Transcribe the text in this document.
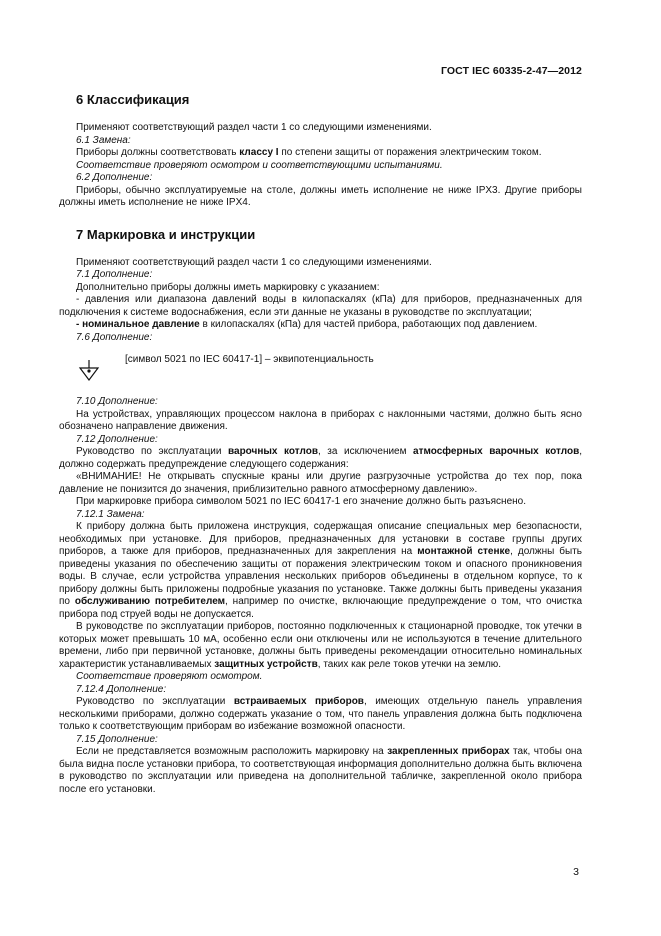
ГОСТ IEC 60335-2-47—2012
6 Классификация

Применяют соответствующий раздел части 1 со следующими изменениями.

6.1 Замена:

Приборы должны соответствовать классу I по степени защиты от поражения электрическим током.

Соответствие проверяют осмотром и соответствующими испытаниями.

6.2 Дополнение:

Приборы, обычно эксплуатируемые на столе, должны иметь исполнение не ниже IPX3. Другие приборы должны иметь исполнение не ниже IPX4.

7 Маркировка и инструкции

Применяют соответствующий раздел части 1 со следующими изменениями.

7.1 Дополнение:

Дополнительно приборы должны иметь маркировку с указанием:

- давления или диапазона давлений воды в килопаскалях (кПа) для приборов, предназначенных для подключения к системе водоснабжения, если эти данные не указаны в руководстве по эксплуатации;

- номинальное давление в килопаскалях (кПа) для частей прибора, работающих под давлением.

7.6 Дополнение:

[символ 5021 по IEC 60417-1] – эквипотенциальность

7.10 Дополнение:

На устройствах, управляющих процессом наклона в приборах с наклонными частями, должно быть ясно обозначено направление движения.

7.12 Дополнение:

Руководство по эксплуатации варочных котлов, за исключением атмосферных варочных котлов, должно содержать предупреждение следующего содержания:

«ВНИМАНИЕ! Не открывать спускные краны или другие разгрузочные устройства до тех пор, пока давление не понизится до значения, приблизительно равного атмосферному давлению».

При маркировке прибора символом 5021 по IEC 60417-1 его значение должно быть разъяснено.

7.12.1 Замена:

К прибору должна быть приложена инструкция, содержащая описание специальных мер безопасности, необходимых при установке. Для приборов, предназначенных для установки в составе группы других приборов, а также для приборов, предназначенных для закрепления на монтажной стенке, должны быть приведены указания по обеспечению защиты от поражения электрическим током и опасного проникновения воды. В случае, если устройства управления нескольких приборов объединены в отдельном корпусе, то к прибору должны быть приложены подробные указания по установке. Также должны быть приведены указания по обслуживанию потребителем, например по очистке, включающие предупреждение о том, что очистка прибора под струей воды не допускается.

В руководстве по эксплуатации приборов, постоянно подключенных к стационарной проводке, ток утечки в которых может превышать 10 мА, особенно если они отключены или не используются в течение длительного времени, либо при первичной установке, должны быть приведены рекомендации относительно номинальных характеристик устанавливаемых защитных устройств, таких как реле токов утечки на землю.

Соответствие проверяют осмотром.

7.12.4 Дополнение:

Руководство по эксплуатации встраиваемых приборов, имеющих отдельную панель управления несколькими приборами, должно содержать указание о том, что панель управления должна быть подключена только к соответствующим приборам во избежание возможной опасности.

7.15 Дополнение:

Если не представляется возможным расположить маркировку на закрепленных приборах так, чтобы она была видна после установки прибора, то соответствующая информация дополнительно должна быть включена в руководство по эксплуатации или приведена на дополнительной табличке, закрепленной около прибора после его установки.

3
